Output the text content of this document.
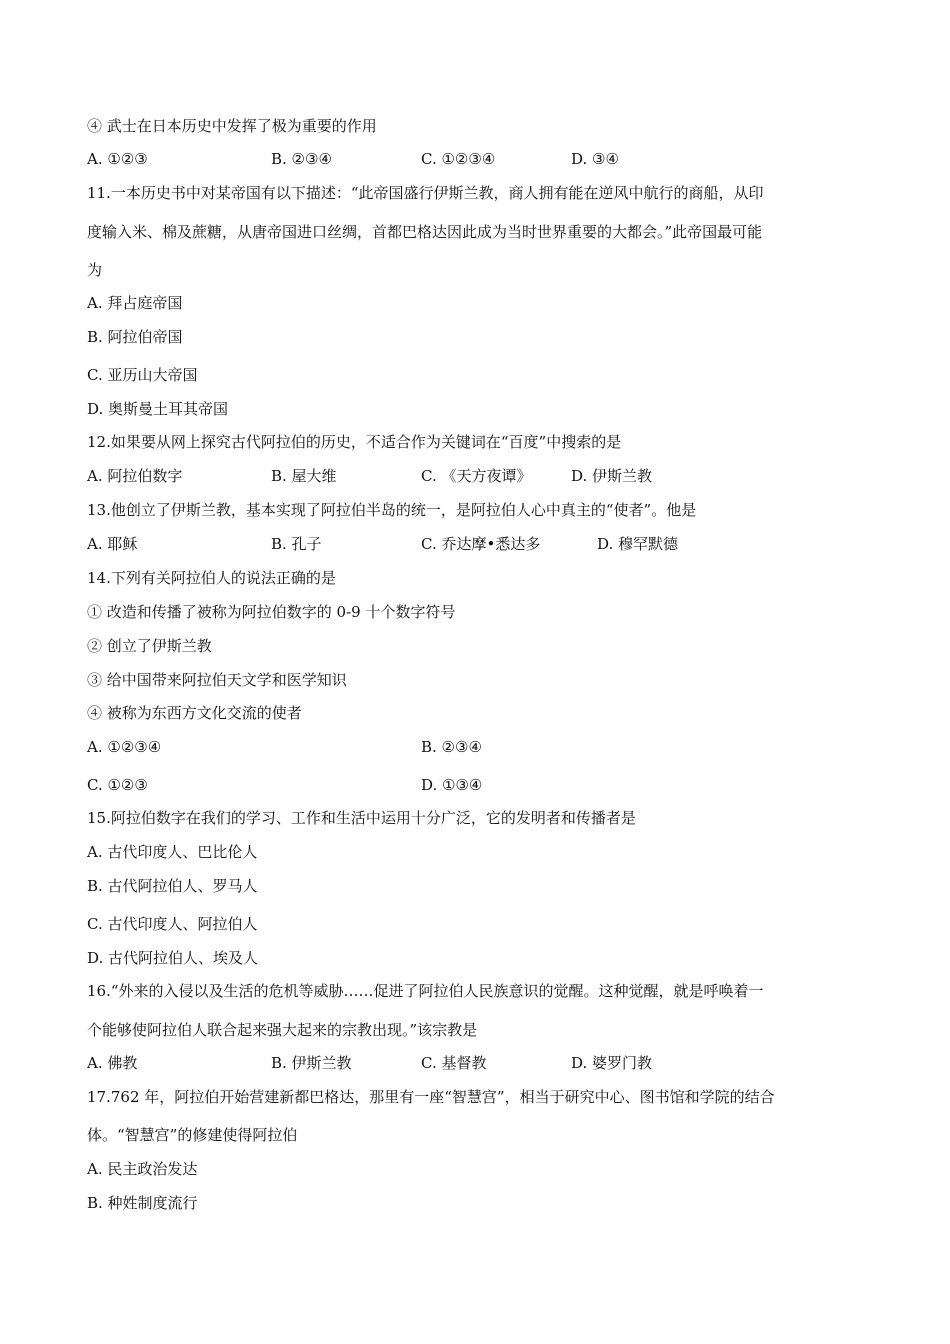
④ 武士在日本历史中发挥了极为重要的作用
A. ①②③	B. ②③④	C. ①②③④	D. ③④
11.一本历史书中对某帝国有以下描述：“此帝国盛行伊斯兰教，商人拥有能在逆风中航行的商船，从印
度输入米、棉及蔗糖，从唐帝国进口丝绸，首都巴格达因此成为当时世界重要的大都会。”此帝国最可能
为
A. 拜占庭帝国
B. 阿拉伯帝国
C. 亚历山大帝国
D. 奥斯曼土耳其帝国
12.如果要从网上探究古代阿拉伯的历史，不适合作为关键词在“百度”中搜索的是
A. 阿拉伯数字	B. 屋大维	C. 《天方夜谭》	D. 伊斯兰教
13.他创立了伊斯兰教，基本实现了阿拉伯半岛的统一，是阿拉伯人心中真主的“使者”。他是
A. 耶稣	B. 孔子	C. 乔达摩•悉达多	D. 穆罕默德
14.下列有关阿拉伯人的说法正确的是
① 改造和传播了被称为阿拉伯数字的 0-9 十个数字符号
② 创立了伊斯兰教
③ 给中国带来阿拉伯天文学和医学知识
④ 被称为东西方文化交流的使者
A. ①②③④	B. ②③④
C. ①②③	D. ①③④
15.阿拉伯数字在我们的学习、工作和生活中运用十分广泛，它的发明者和传播者是
A. 古代印度人、巴比伦人
B. 古代阿拉伯人、罗马人
C. 古代印度人、阿拉伯人
D. 古代阿拉伯人、埃及人
16.“外来的入侵以及生活的危机等威胁……促进了阿拉伯人民族意识的觉醒。这种觉醒，就是呼唤着一
个能够使阿拉伯人联合起来强大起来的宗教出现。”该宗教是
A. 佛教	B. 伊斯兰教	C. 基督教	D. 婆罗门教
17.762 年，阿拉伯开始营建新都巴格达，那里有一座“智慧宫”，相当于研究中心、图书馆和学院的结合
体。“智慧宫”的修建使得阿拉伯
A. 民主政治发达
B. 种姓制度流行
